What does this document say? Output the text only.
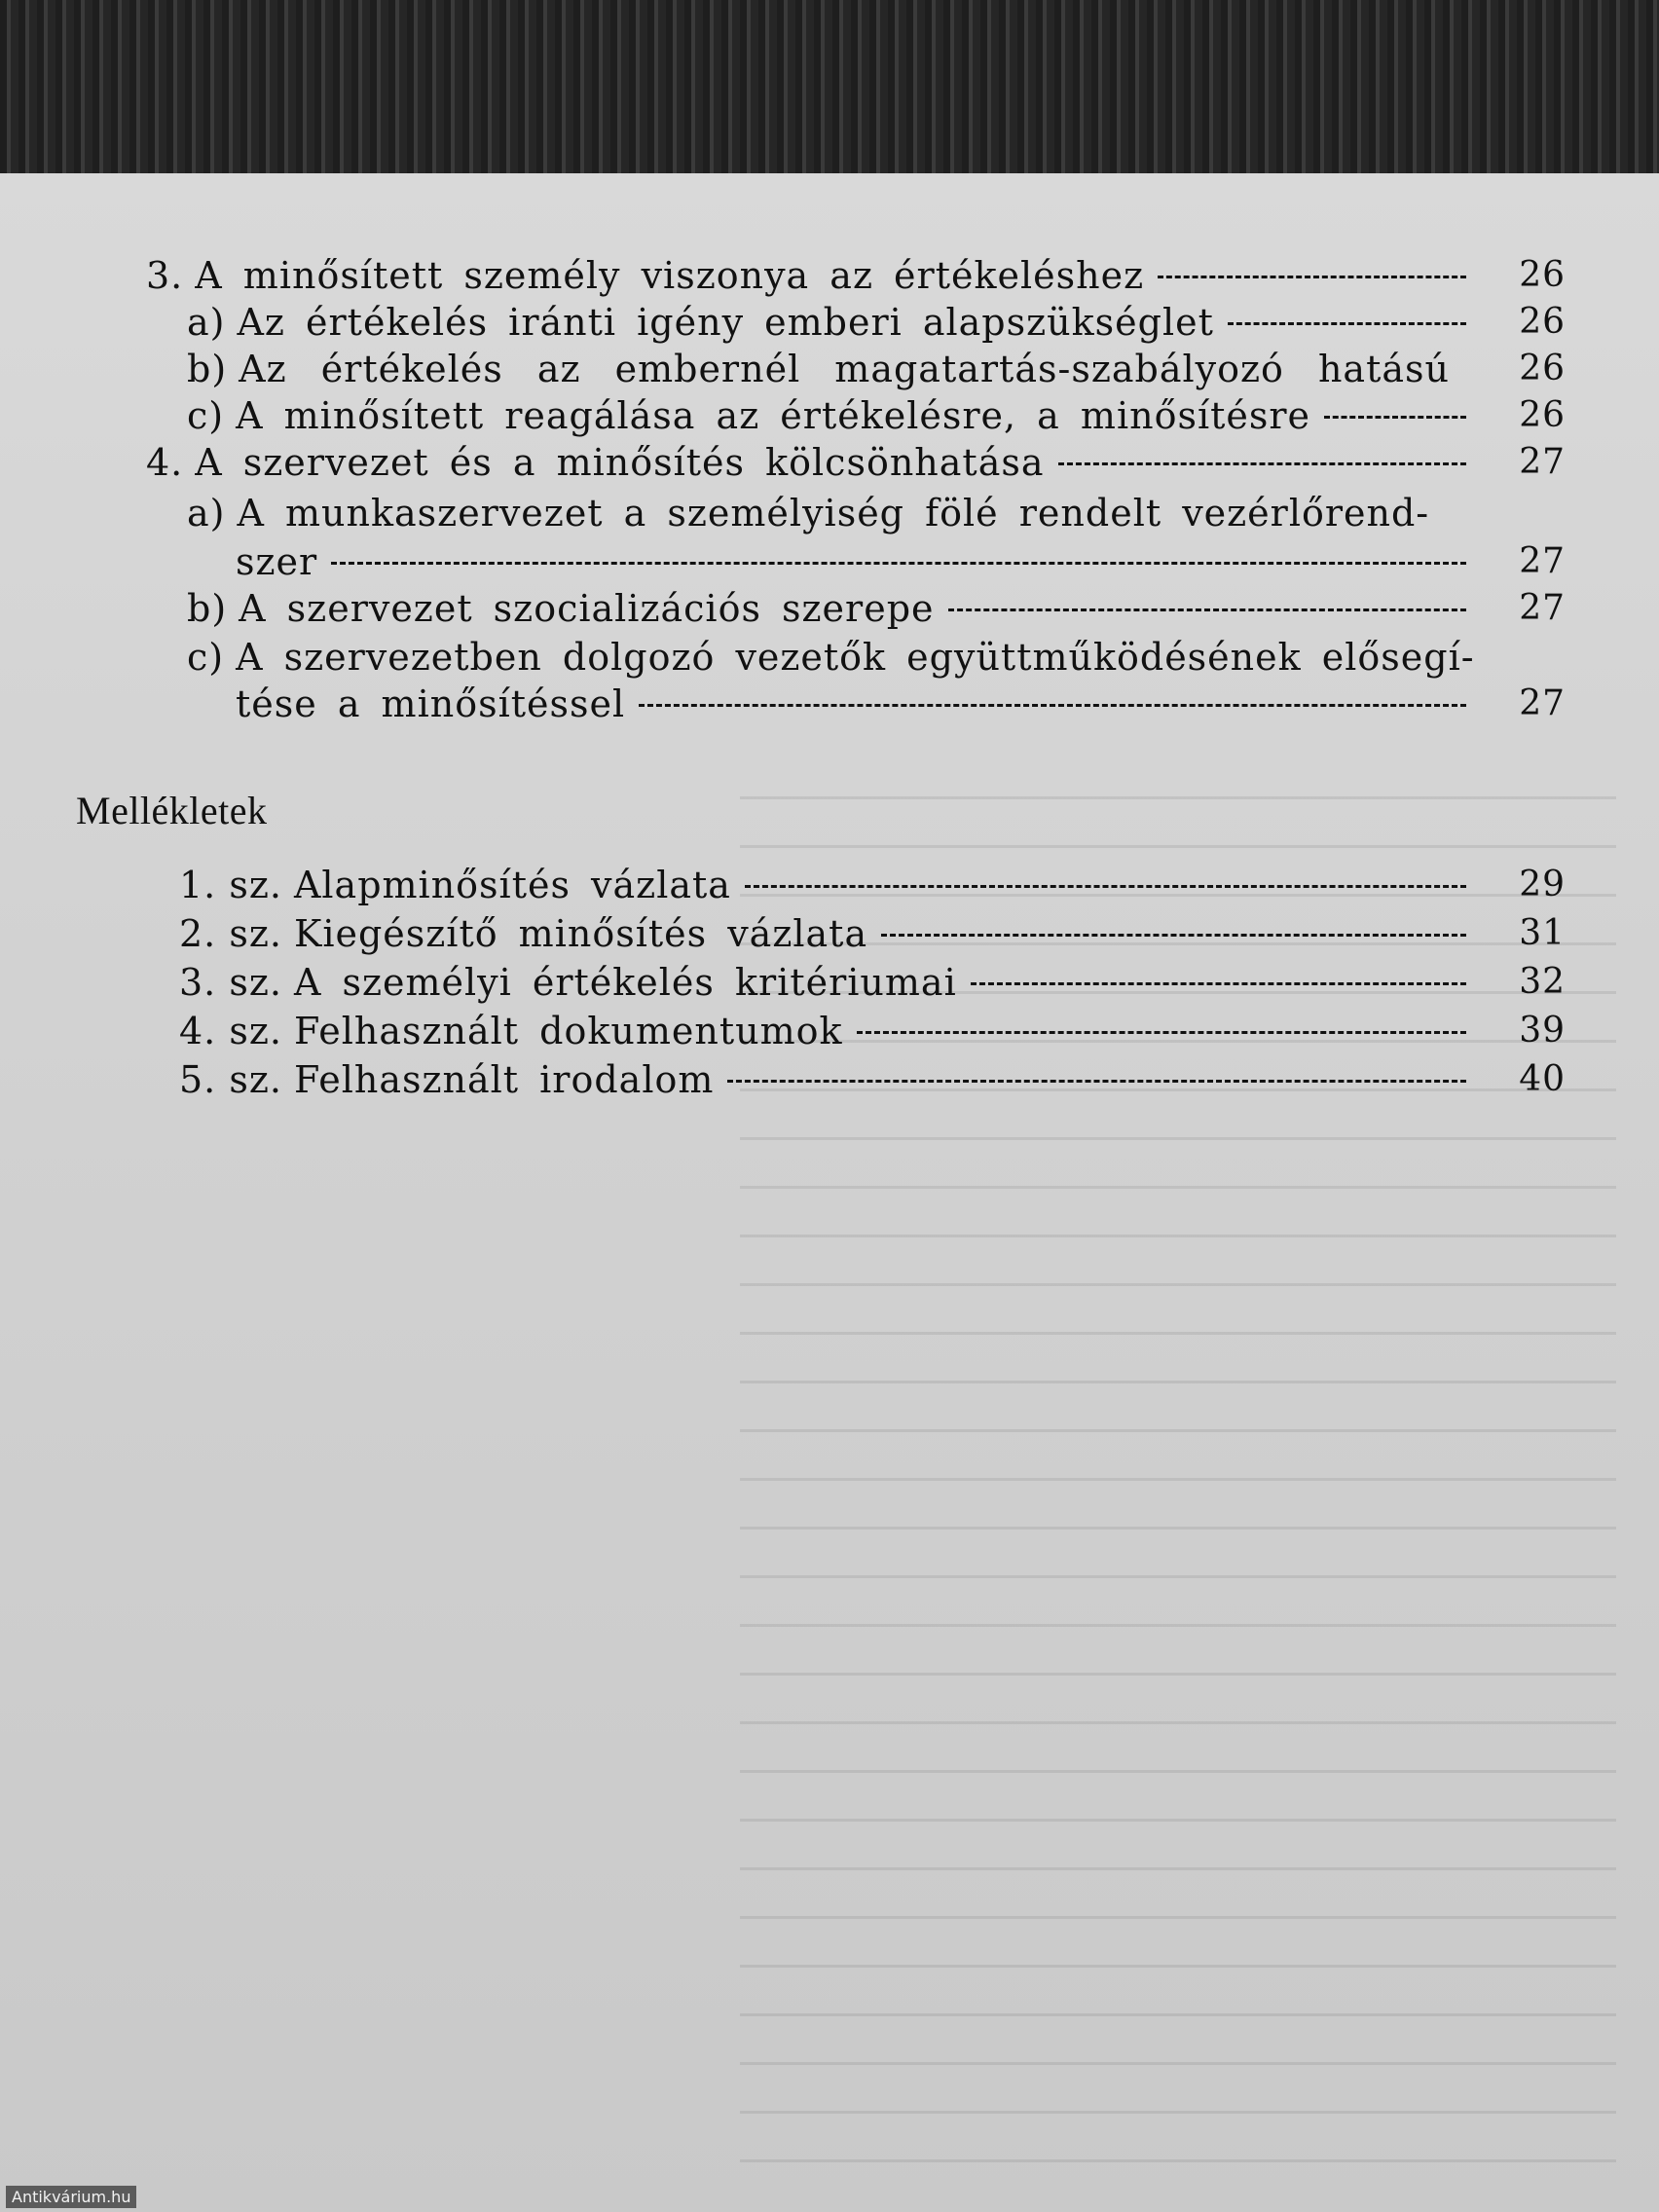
3. A minősített személy viszonya az értékeléshez	26
a) Az értékelés iránti igény emberi alapszükséglet	26
b) Az értékelés az embernél magatartás-szabályozó hatású 26
c) A minősített reagálása az értékelésre, a minősítésre	26
4. A szervezet és a minősítés kölcsönhatása	27
a) A munkaszervezet a személyiség fölé rendelt vezérlőrend-
szer	27
b) A szervezet szocializációs szerepe	27
c) A szervezetben dolgozó vezetők együttműködésének elősegí-
tése a minősítéssel	27
Mellékletek
1. sz. Alapminősítés vázlata	29
2. sz. Kiegészítő minősítés vázlata	31
3. sz. A személyi értékelés kritériumai	32
4. sz. Felhasznált dokumentumok	39
5. sz. Felhasznált irodalom	40
Antikvárium.hu
